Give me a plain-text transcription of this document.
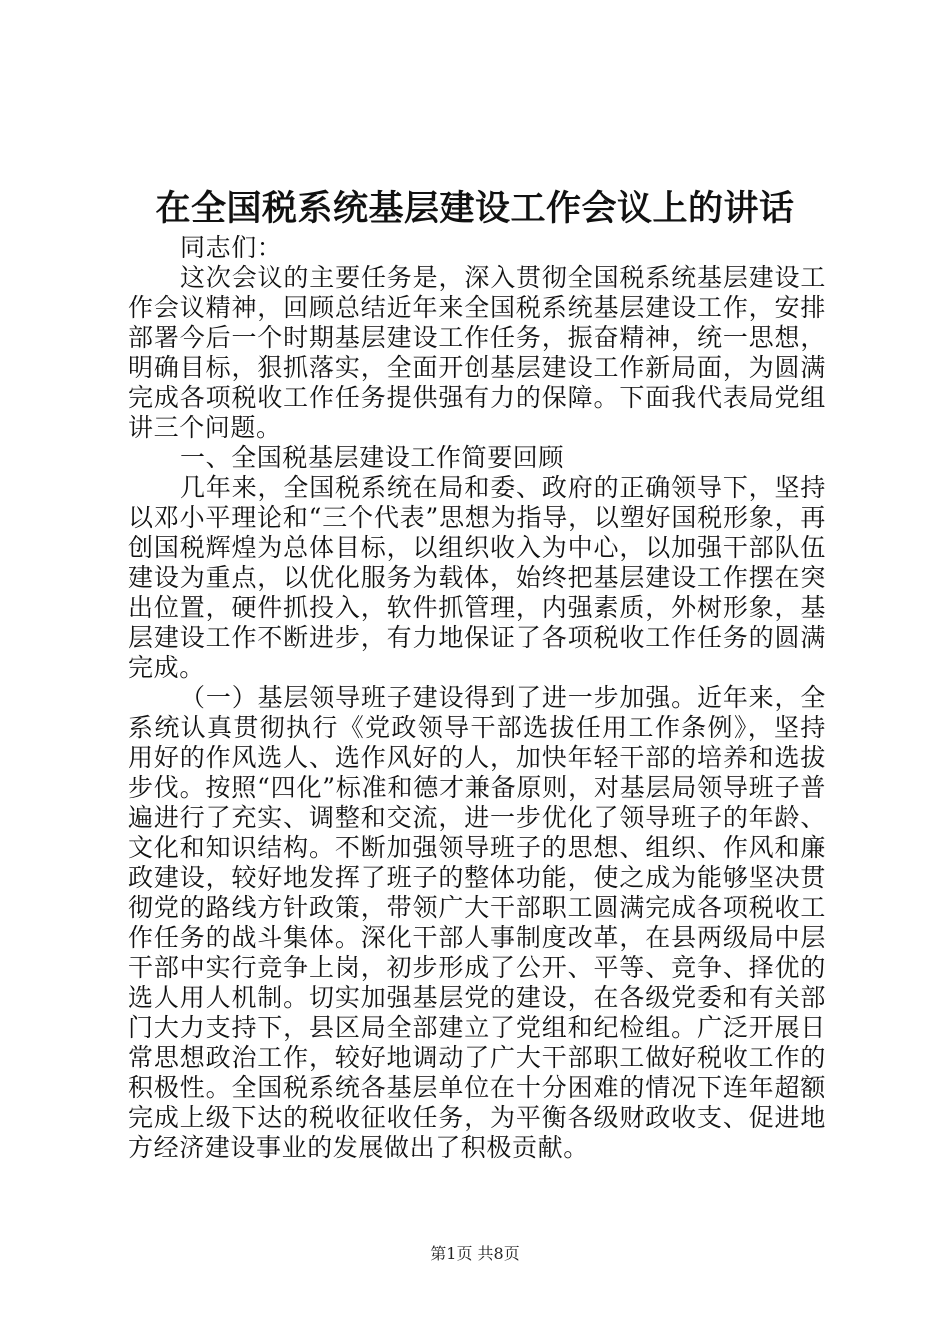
在全国税系统基层建设工作会议上的讲话

同志们：

这次会议的主要任务是，深入贯彻全国税系统基层建设工作会议精神，回顾总结近年来全国税系统基层建设工作，安排部署今后一个时期基层建设工作任务，振奋精神，统一思想，明确目标，狠抓落实，全面开创基层建设工作新局面，为圆满完成各项税收工作任务提供强有力的保障。下面我代表局党组讲三个问题。

一、全国税基层建设工作简要回顾

几年来，全国税系统在局和委、政府的正确领导下，坚持以邓小平理论和“三个代表”思想为指导，以塑好国税形象，再创国税辉煌为总体目标，以组织收入为中心，以加强干部队伍建设为重点，以优化服务为载体，始终把基层建设工作摆在突出位置，硬件抓投入，软件抓管理，内强素质，外树形象，基层建设工作不断进步，有力地保证了各项税收工作任务的圆满完成。

（一）基层领导班子建设得到了进一步加强。近年来，全系统认真贯彻执行《党政领导干部选拔任用工作条例》，坚持用好的作风选人、选作风好的人，加快年轻干部的培养和选拔步伐。按照“四化”标准和德才兼备原则，对基层局领导班子普遍进行了充实、调整和交流，进一步优化了领导班子的年龄、文化和知识结构。不断加强领导班子的思想、组织、作风和廉政建设，较好地发挥了班子的整体功能，使之成为能够坚决贯彻党的路线方针政策，带领广大干部职工圆满完成各项税收工作任务的战斗集体。深化干部人事制度改革，在县两级局中层干部中实行竞争上岗，初步形成了公开、平等、竞争、择优的选人用人机制。切实加强基层党的建设，在各级党委和有关部门大力支持下，县区局全部建立了党组和纪检组。广泛开展日常思想政治工作，较好地调动了广大干部职工做好税收工作的积极性。全国税系统各基层单位在十分困难的情况下连年超额完成上级下达的税收征收任务，为平衡各级财政收支、促进地方经济建设事业的发展做出了积极贡献。

第1页 共8页
